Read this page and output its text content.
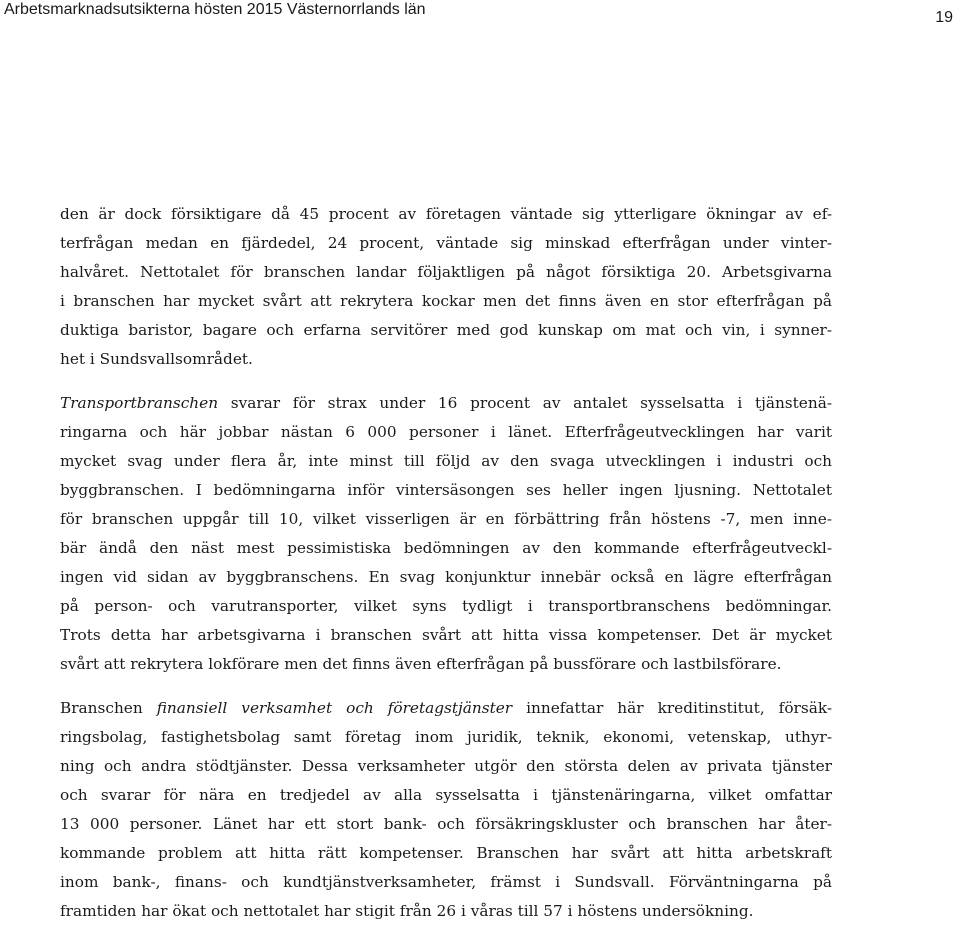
Arbetsmarknadsutsikterna hösten 2015 Västernorrlands län	19
den är dock försiktigare då 45 procent av företagen väntade sig ytterligare ökningar av ef-
terfrågan medan en fjärdedel, 24 procent, väntade sig minskad efterfrågan under vinter-
halvåret. Nettotalet för branschen landar följaktligen på något försiktiga 20. Arbetsgivarna
i branschen har mycket svårt att rekrytera kockar men det finns även en stor efterfrågan på
duktiga baristor, bagare och erfarna servitörer med god kunskap om mat och vin, i synner-
het i Sundsvallsområdet.
Transportbranschen svarar för strax under 16 procent av antalet sysselsatta i tjänstenä-
ringarna och här jobbar nästan 6 000 personer i länet. Efterfrågeutvecklingen har varit
mycket svag under flera år, inte minst till följd av den svaga utvecklingen i industri och
byggbranschen. I bedömningarna inför vintersäsongen ses heller ingen ljusning. Nettotalet
för branschen uppgår till 10, vilket visserligen är en förbättring från höstens -7, men inne-
bär ändå den näst mest pessimistiska bedömningen av den kommande efterfrågeutveckl-
ingen vid sidan av byggbranschens. En svag konjunktur innebär också en lägre efterfrågan
på person- och varutransporter, vilket syns tydligt i transportbranschens bedömningar.
Trots detta har arbetsgivarna i branschen svårt att hitta vissa kompetenser. Det är mycket
svårt att rekrytera lokförare men det finns även efterfrågan på bussförare och lastbilsförare.
Branschen finansiell verksamhet och företagstjänster innefattar här kreditinstitut, försäk-
ringsbolag, fastighetsbolag samt företag inom juridik, teknik, ekonomi, vetenskap, uthyr-
ning och andra stödtjänster. Dessa verksamheter utgör den största delen av privata tjänster
och svarar för nära en tredjedel av alla sysselsatta i tjänstenäringarna, vilket omfattar
13 000 personer. Länet har ett stort bank- och försäkringskluster och branschen har åter-
kommande problem att hitta rätt kompetenser. Branschen har svårt att hitta arbetskraft
inom bank-, finans- och kundtjänstverksamheter, främst i Sundsvall. Förväntningarna på
framtiden har ökat och nettotalet har stigit från 26 i våras till 57 i höstens undersökning.
